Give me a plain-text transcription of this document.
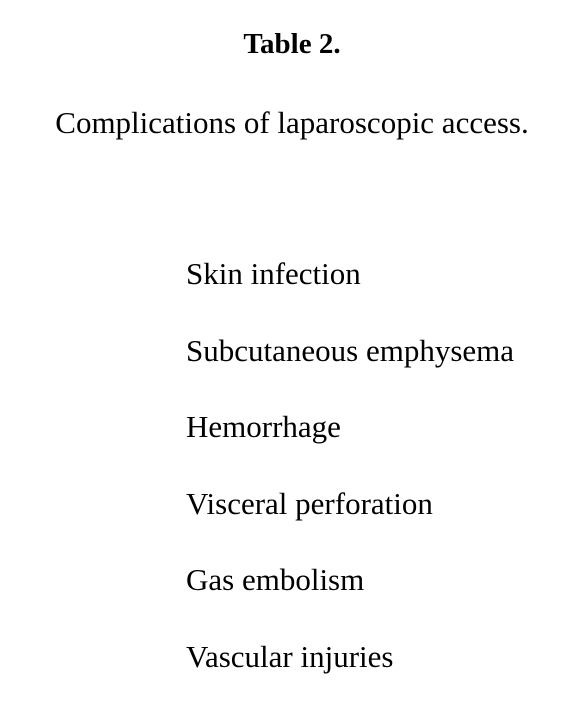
Table 2.
Complications of laparoscopic access.
Skin infection
Subcutaneous emphysema
Hemorrhage
Visceral perforation
Gas embolism
Vascular injuries
